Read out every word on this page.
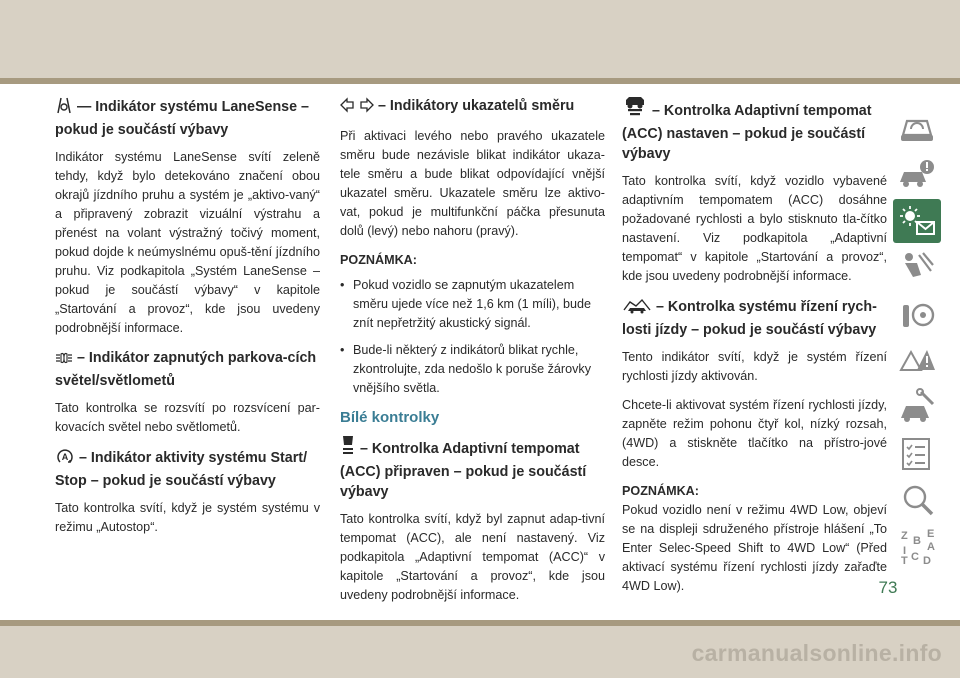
— Indikátor systému LaneSense – pokud je součástí výbavy

Indikátor systému LaneSense svítí zeleně tehdy, když bylo detekováno značení obou okrajů jízdního pruhu a systém je „aktivo-vaný“ a připravený zobrazit vizuální výstrahu a přenést na volant výstražný točivý moment, pokud dojde k neúmyslnému opuš-tění jízdního pruhu. Viz podkapitola „Systém LaneSense – pokud je součástí výbavy“ v kapitole „Startování a provoz“, kde jsou uvedeny podrobnější informace.

– Indikátor zapnutých parkova-cích světel/světlometů

Tato kontrolka se rozsvítí po rozsvícení par-kovacích světel nebo světlometů.

A – Indikátor aktivity systému Start/ Stop – pokud je součástí výbavy

Tato kontrolka svítí, když je systém systému v režimu „Autostop“.

– Indikátory ukazatelů směru

Při aktivaci levého nebo pravého ukazatele směru bude nezávisle blikat indikátor ukaza-tele směru a bude blikat odpovídající vnější ukazatel směru. Ukazatele směru lze aktivo-vat, pokud je multifunkční páčka přesunuta dolů (levý) nebo nahoru (pravý).

POZNÁMKA:
• Pokud vozidlo se zapnutým ukazatelem směru ujede více než 1,6 km (1 míli), bude znít nepřetržitý akustický signál.
• Bude-li některý z indikátorů blikat rychle, zkontrolujte, zda nedošlo k poruše žárovky vnějšího světla.
Bílé kontrolky
– Kontrolka Adaptivní tempomat (ACC) připraven – pokud je součástí výbavy

Tato kontrolka svítí, když byl zapnut adap-tivní tempomat (ACC), ale není nastavený. Viz podkapitola „Adaptivní tempomat (ACC)“ v kapitole „Startování a provoz“, kde jsou uvedeny podrobnější informace.

– Kontrolka Adaptivní tempomat (ACC) nastaven – pokud je součástí výbavy

Tato kontrolka svítí, když vozidlo vybavené adaptivním tempomatem (ACC) dosáhne požadované rychlosti a bylo stisknuto tla-čítko nastavení. Viz podkapitola „Adaptivní tempomat“ v kapitole „Startování a provoz“, kde jsou uvedeny podrobnější informace.

– Kontrolka systému řízení rych-losti jízdy – pokud je součástí výbavy

Tento indikátor svítí, když je systém řízení rychlosti jízdy aktivován.

Chcete-li aktivovat systém řízení rychlosti jízdy, zapněte režim pohonu čtyř kol, nízký rozsah, (4WD) a stiskněte tlačítko na přístro-jové desce.

POZNÁMKA:

Pokud vozidlo není v režimu 4WD Low, objeví se na displeji sdruženého přístroje hlášení „To Enter Selec-Speed Shift to 4WD Low“ (Před aktivací systému řízení rychlosti jízdy zařaďte 4WD Low).

Z E
B A
I C
T D
73
carmanualsonline.info
